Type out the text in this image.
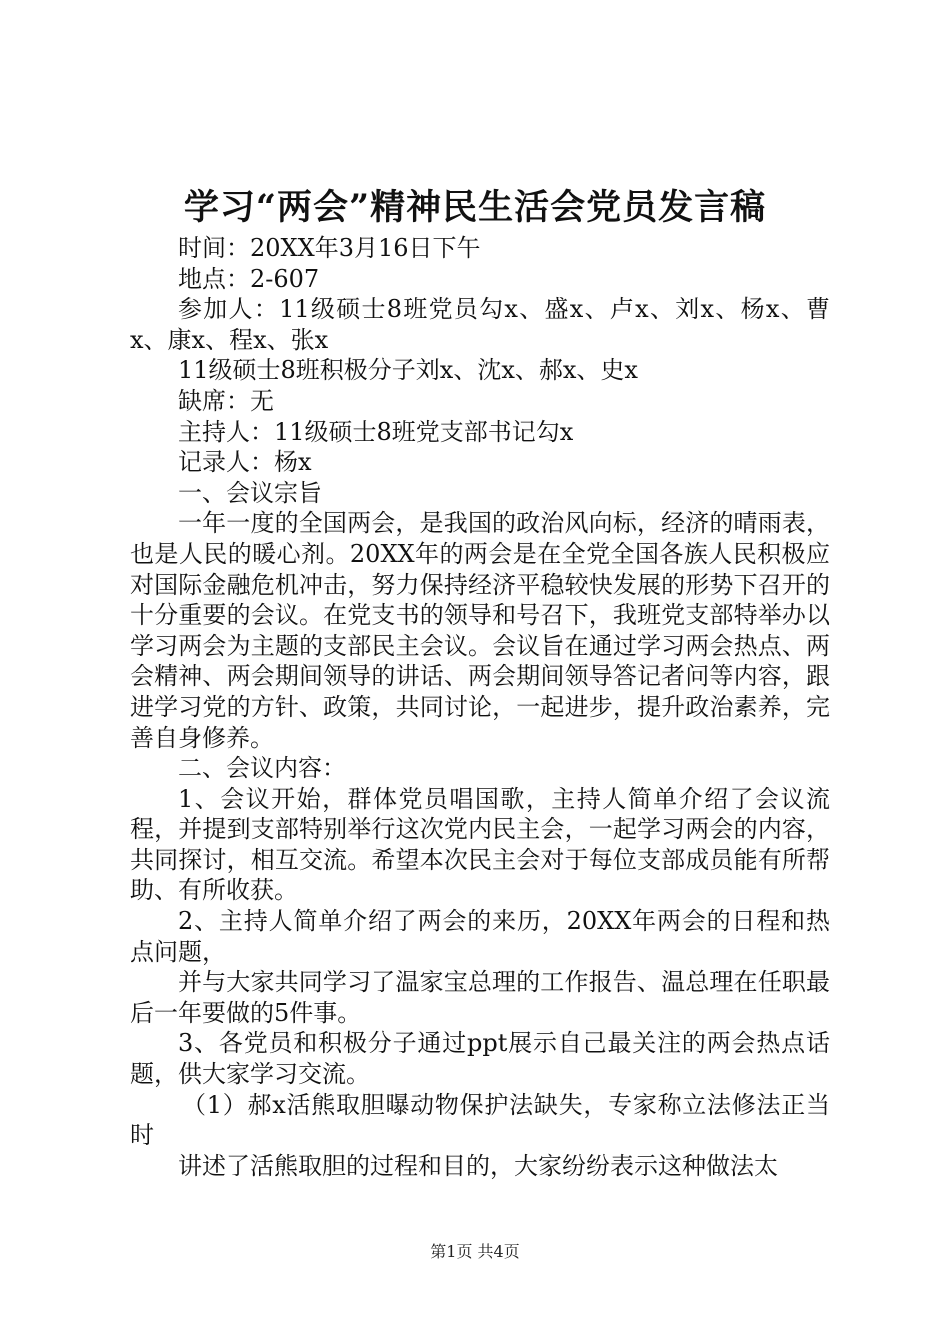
学习“两会”精神民生活会党员发言稿

时间：20XX年3月16日下午

地点：2-607

参加人：11级硕士8班党员勾x、盛x、卢x、刘x、杨x、曹x、康x、程x、张x

11级硕士8班积极分子刘x、沈x、郝x、史x

缺席：无

主持人：11级硕士8班党支部书记勾x

记录人：杨x

一、会议宗旨

一年一度的全国两会，是我国的政治风向标，经济的晴雨表，也是人民的暖心剂。20XX年的两会是在全党全国各族人民积极应对国际金融危机冲击，努力保持经济平稳较快发展的形势下召开的十分重要的会议。在党支书的领导和号召下，我班党支部特举办以学习两会为主题的支部民主会议。会议旨在通过学习两会热点、两会精神、两会期间领导的讲话、两会期间领导答记者问等内容，跟进学习党的方针、政策，共同讨论，一起进步，提升政治素养，完善自身修养。

二、会议内容：

1、会议开始，群体党员唱国歌，主持人简单介绍了会议流程，并提到支部特别举行这次党内民主会，一起学习两会的内容，共同探讨，相互交流。希望本次民主会对于每位支部成员能有所帮助、有所收获。

2、主持人简单介绍了两会的来历，20XX年两会的日程和热点问题，

并与大家共同学习了温家宝总理的工作报告、温总理在任职最后一年要做的5件事。

3、各党员和积极分子通过ppt展示自己最关注的两会热点话题，供大家学习交流。

（1）郝x活熊取胆曝动物保护法缺失，专家称立法修法正当时

讲述了活熊取胆的过程和目的，大家纷纷表示这种做法太

第1页 共4页
